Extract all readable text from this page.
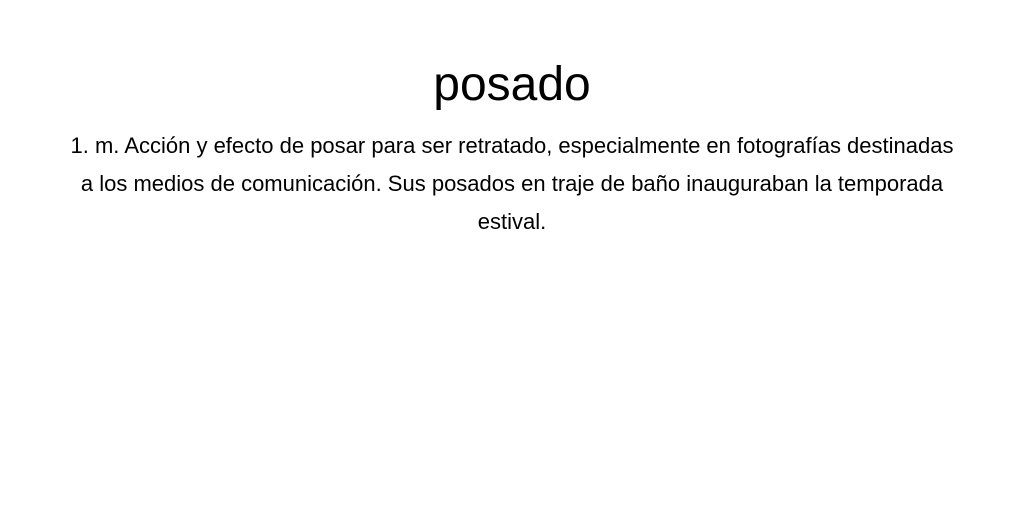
posado

1. m. Acción y efecto de posar para ser retratado, especialmente en fotografías destinadas a los medios de comunicación. Sus posados en traje de baño inauguraban la temporada estival.
